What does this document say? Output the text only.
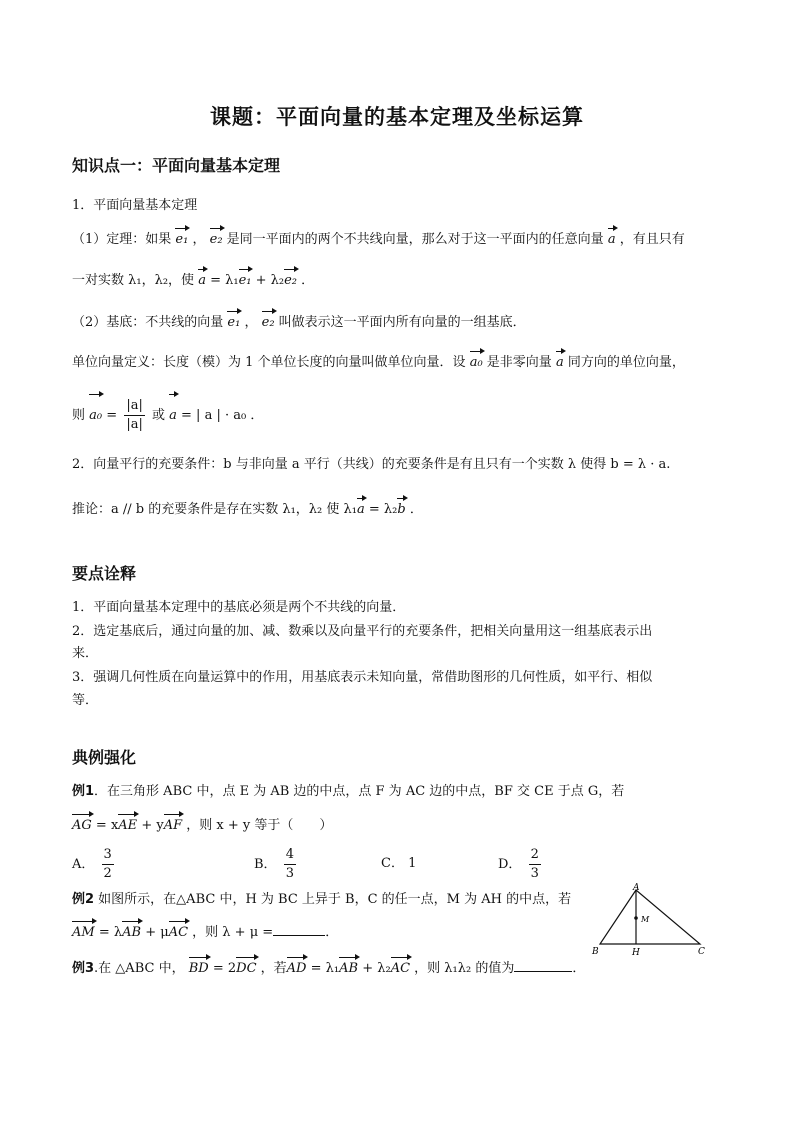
课题：平面向量的基本定理及坐标运算
知识点一：平面向量基本定理
1．平面向量基本定理
（1）定理：如果 e₁ ， e₂ 是同一平面内的两个不共线向量，那么对于这一平面内的任意向量 a ，有且只有
一对实数 λ₁，λ₂，使 a = λ₁e₁ + λ₂e₂ ．
（2）基底：不共线的向量 e₁ ， e₂ 叫做表示这一平面内所有向量的一组基底．
单位向量定义：长度（模）为 1 个单位长度的向量叫做单位向量．设 a₀ 是非零向量 a 同方向的单位向量，
则 $a_0 = \frac{|a|}{|a|}$ 或 a = | a | · a₀ ．
2．向量平行的充要条件：b 与非向量 a 平行（共线）的充要条件是有且只有一个实数 λ 使得 b = λ · a.
推论：a // b 的充要条件是存在实数 λ₁，λ₂ 使 λ₁a = λ₂b ．
要点诠释
1．平面向量基本定理中的基底必须是两个不共线的向量．
2．选定基底后，通过向量的加、减、数乘以及向量平行的充要条件，把相关向量用这一组基底表示出
来．
3．强调几何性质在向量运算中的作用，用基底表示未知向量，常借助图形的几何性质，如平行、相似
等．
典例强化
例1．在三角形 ABC 中，点 E 为 AB 边的中点，点 F 为 AC 边的中点，BF 交 CE 于点 G，若
AG = xAE + yAF ，则 x + y 等于（　　）
A． $\frac{3}{2}$	B． $\frac{4}{3}$	C． 1	D． $\frac{2}{3}$
例2 如图所示，在△ABC 中，H 为 BC 上异于 B，C 的任一点，M 为 AH 的中点，若
AM = λAB + μAC ，则 λ + μ =	．
例3.在 △ABC 中， BD = 2DC ，若AD = λ₁AB + λ₂AC ，则 λ₁λ₂ 的值为	．
A
B	C
H
M
